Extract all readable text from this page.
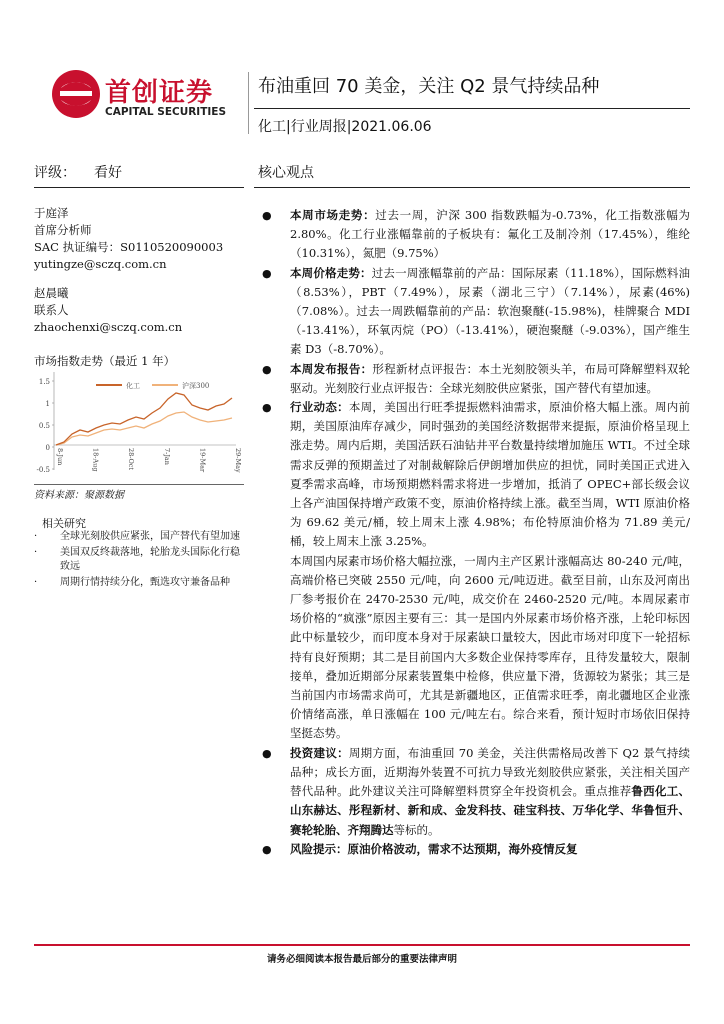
首创证券
CAPITAL SECURITIES
布油重回 70 美金，关注 Q2 景气持续品种
化工|行业周报|2021.06.06
评级： 看好	核心观点
于庭泽
首席分析师
SAC 执证编号：S0110520090003
yutingze@sczq.com.cn
赵晨曦
联系人
zhaochenxi@sczq.com.cn
市场指数走势（最近 1 年）
1.5
1
0.5
0
-0.5
化工	沪深300
8-Jun	18-Aug	28-Oct	7-Jan	19-Mar	29-May
资料来源：聚源数据
相关研究
· 全球光刻胶供应紧张，国产替代有望加速
· 美国双反终裁落地，轮胎龙头国际化行稳致远
· 周期行情持续分化，甄选攻守兼备品种
● 本周市场走势：过去一周，沪深 300 指数跌幅为-0.73%，化工指数涨幅为 2.80%。化工行业涨幅靠前的子板块有：氟化工及制冷剂（17.45%），维纶（10.31%），氮肥（9.75%）
● 本周价格走势：过去一周涨幅靠前的产品：国际尿素（11.18%），国际燃料油（8.53%），PBT（7.49%），尿素（湖北三宁）（7.14%），尿素(46%)（7.08%）。过去一周跌幅靠前的产品：软泡聚醚(-15.98%)，桂牌聚合 MDI（-13.41%），环氧丙烷（PO）（-13.41%），硬泡聚醚（-9.03%），国产维生素 D3（-8.70%）。
● 本周发布报告：形程新材点评报告：本土光刻胶领头羊，布局可降解塑料双轮驱动。光刻胶行业点评报告：全球光刻胶供应紧张，国产替代有望加速。
● 行业动态：本周，美国出行旺季提振燃料油需求，原油价格大幅上涨。周内前期，美国原油库存减少，同时强劲的美国经济数据带来提振，原油价格呈现上涨走势。周内后期，美国活跃石油钻井平台数量持续增加施压 WTI。不过全球需求反弹的预期盖过了对制裁解除后伊朗增加供应的担忧，同时美国正式进入夏季需求高峰，市场预期燃料需求将进一步增加，抵消了 OPEC+部长级会议上各产油国保持增产政策不变，原油价格持续上涨。截至当周，WTI 原油价格为 69.62 美元/桶，较上周末上涨 4.98%；布伦特原油价格为 71.89 美元/桶，较上周末上涨 3.25%。
本周国内尿素市场价格大幅拉涨，一周内主产区累计涨幅高达 80-240 元/吨，高端价格已突破 2550 元/吨，向 2600 元/吨迈进。截至目前，山东及河南出厂参考报价在 2470-2530 元/吨，成交价在 2460-2520 元/吨。本周尿素市场价格的“疯涨”原因主要有三：其一是国内外尿素市场价格齐涨，上轮印标因此中标量较少，而印度本身对于尿素缺口量较大，因此市场对印度下一轮招标持有良好预期；其二是目前国内大多数企业保持零库存，且待发量较大，限制接单，叠加近期部分尿素装置集中检修，供应量下滑，货源较为紧张；其三是当前国内市场需求尚可，尤其是新疆地区，正值需求旺季，南北疆地区企业涨价情绪高涨，单日涨幅在 100 元/吨左右。综合来看，预计短时市场依旧保持坚挺态势。
● 投资建议：周期方面，布油重回 70 美金，关注供需格局改善下 Q2 景气持续品种；成长方面，近期海外装置不可抗力导致光刻胶供应紧张，关注相关国产替代品种。此外建议关注可降解塑料贯穿全年投资机会。重点推荐鲁西化工、山东赫达、彤程新材、新和成、金发科技、硅宝科技、万华化学、华鲁恒升、赛轮轮胎、齐翔腾达等标的。
● 风险提示：原油价格波动，需求不达预期，海外疫情反复
请务必细阅读本报告最后部分的重要法律声明
